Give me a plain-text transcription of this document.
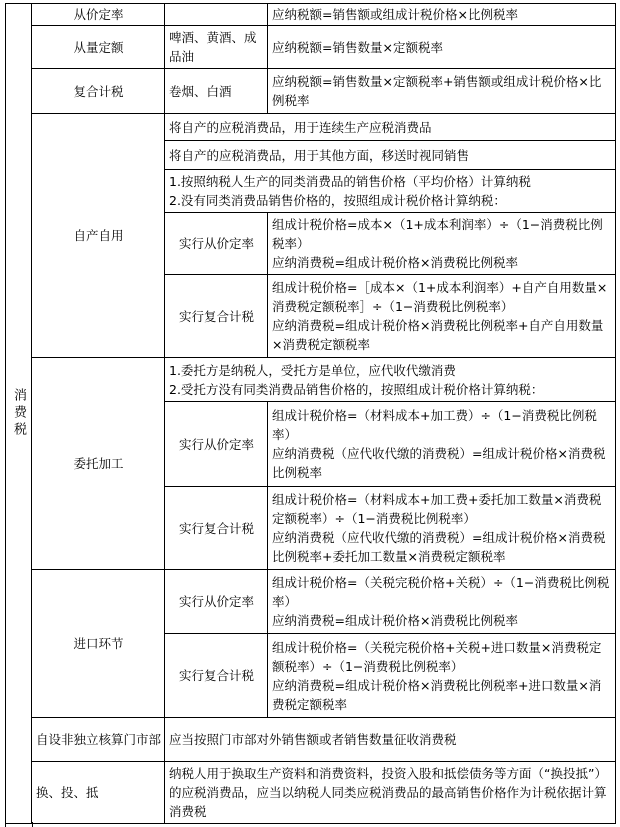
消费税	从价定率		应纳税额=销售额或组成计税价格×比例税率
	从量定额	啤酒、黄酒、成品油	应纳税额=销售数量×定额税率
	复合计税	卷烟、白酒	应纳税额=销售数量×定额税率+销售额或组成计税价格×比例税率
	自产自用	将自产的应税消费品，用于连续生产应税消费品	
		将自产的应税消费品，用于其他方面，移送时视同销售	

		1.按照纳税人生产的同类消费品的销售价格（平均价格）计算纳税
2.没有同类消费品销售价格的，按照组成计税价格计算纳税：	

		实行从价定率	组成计税价格=成本×（1+成本利润率）÷（1−消费税比例税率）
应纳消费税=组成计税价格×消费税比例税率

		实行复合计税	组成计税价格=［成本×（1+成本利润率）+自产自用数量×消费税定额税率］÷（1−消费税比例税率）
应纳消费税=组成计税价格×消费税比例税率+自产自用数量×消费税定额税率

	委托加工	1.委托方是纳税人，受托方是单位，应代收代缴消费
2.受托方没有同类消费品销售价格的，按照组成计税价格计算纳税：	

		实行从价定率	组成计税价格=（材料成本+加工费）÷（1−消费税比例税率）
应纳消费税（应代收代缴的消费税）=组成计税价格×消费税比例税率

		实行复合计税	组成计税价格=（材料成本+加工费+委托加工数量×消费税定额税率）÷（1−消费税比例税率）
应纳消费税（应代收代缴的消费税）=组成计税价格×消费税比例税率+委托加工数量×消费税定额税率

	进口环节	实行从价定率	组成计税价格=（关税完税价格+关税）÷（1−消费税比例税率）
应纳消费税=组成计税价格×消费税比例税率

		实行复合计税	组成计税价格=（关税完税价格+关税+进口数量×消费税定额税率）÷（1−消费税比例税率）
应纳消费税=组成计税价格×消费税比例税率+进口数量×消费税定额税率

	自设非独立核算门市部	应当按照门市部对外销售额或者销售数量征收消费税	
	换、投、抵	纳税人用于换取生产资料和消费资料，投资入股和抵偿债务等方面（“换投抵”）的应税消费品，应当以纳税人同类应税消费品的最高销售价格作为计税依据计算消费税	
